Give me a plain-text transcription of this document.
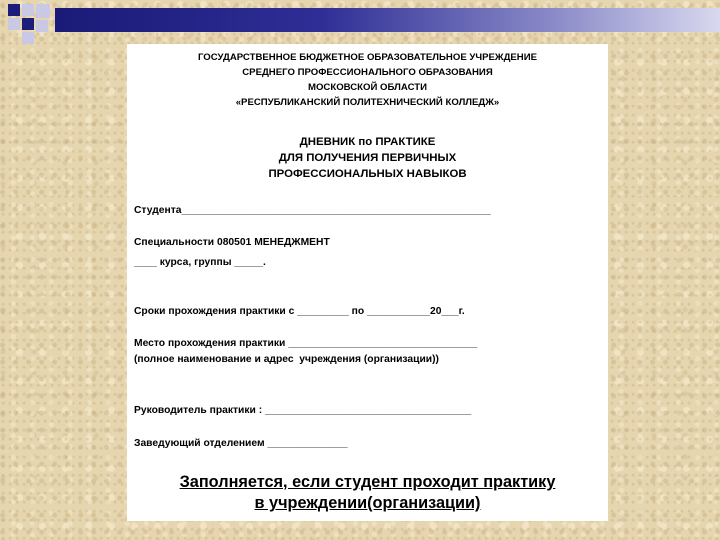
ГОСУДАРСТВЕННОЕ БЮДЖЕТНОЕ ОБРАЗОВАТЕЛЬНОЕ УЧРЕЖДЕНИЕ
СРЕДНЕГО ПРОФЕССИОНАЛЬНОГО ОБРАЗОВАНИЯ
МОСКОВСКОЙ ОБЛАСТИ
«РЕСПУБЛИКАНСКИЙ ПОЛИТЕХНИЧЕСКИЙ КОЛЛЕДЖ»
ДНЕВНИК по ПРАКТИКЕ
ДЛЯ ПОЛУЧЕНИЯ ПЕРВИЧНЫХ
ПРОФЕССИОНАЛЬНЫХ НАВЫКОВ
Студента______________________________________________________
Специальности 080501 МЕНЕДЖМЕНТ
____ курса, группы _____.
Сроки прохождения практики с _________ по ___________20___г.
Место прохождения практики _________________________________
(полное наименование и адрес  учреждения (организации))
Руководитель практики : ____________________________________
Заведующий отделением ______________
Заполняется, если студент проходит практику
в учреждении(организации)
